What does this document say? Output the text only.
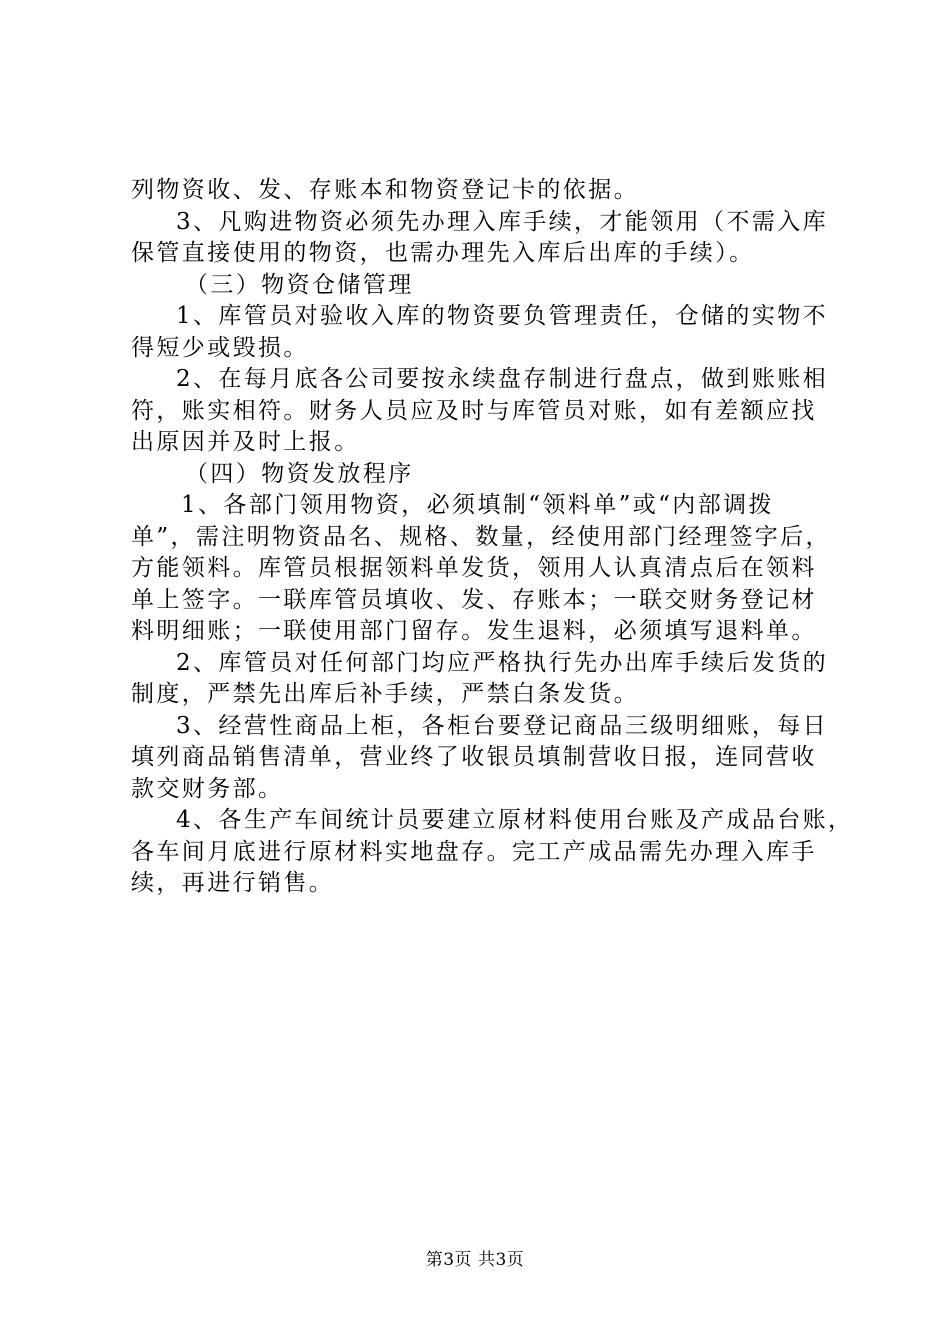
列物资收、发、存账本和物资登记卡的依据。
3、凡购进物资必须先办理入库手续，才能领用（不需入库
保管直接使用的物资，也需办理先入库后出库的手续）。
（三）物资仓储管理
1、库管员对验收入库的物资要负管理责任，仓储的实物不
得短少或毁损。
2、在每月底各公司要按永续盘存制进行盘点，做到账账相
符，账实相符。财务人员应及时与库管员对账，如有差额应找
出原因并及时上报。
（四）物资发放程序
1、各部门领用物资，必须填制“领料单”或“内部调拨
单”，需注明物资品名、规格、数量，经使用部门经理签字后，
方能领料。库管员根据领料单发货，领用人认真清点后在领料
单上签字。一联库管员填收、发、存账本；一联交财务登记材
料明细账；一联使用部门留存。发生退料，必须填写退料单。
2、库管员对任何部门均应严格执行先办出库手续后发货的
制度，严禁先出库后补手续，严禁白条发货。
3、经营性商品上柜，各柜台要登记商品三级明细账，每日
填列商品销售清单，营业终了收银员填制营收日报，连同营收
款交财务部。
4、各生产车间统计员要建立原材料使用台账及产成品台账，
各车间月底进行原材料实地盘存。完工产成品需先办理入库手
续，再进行销售。
第3页 共3页
